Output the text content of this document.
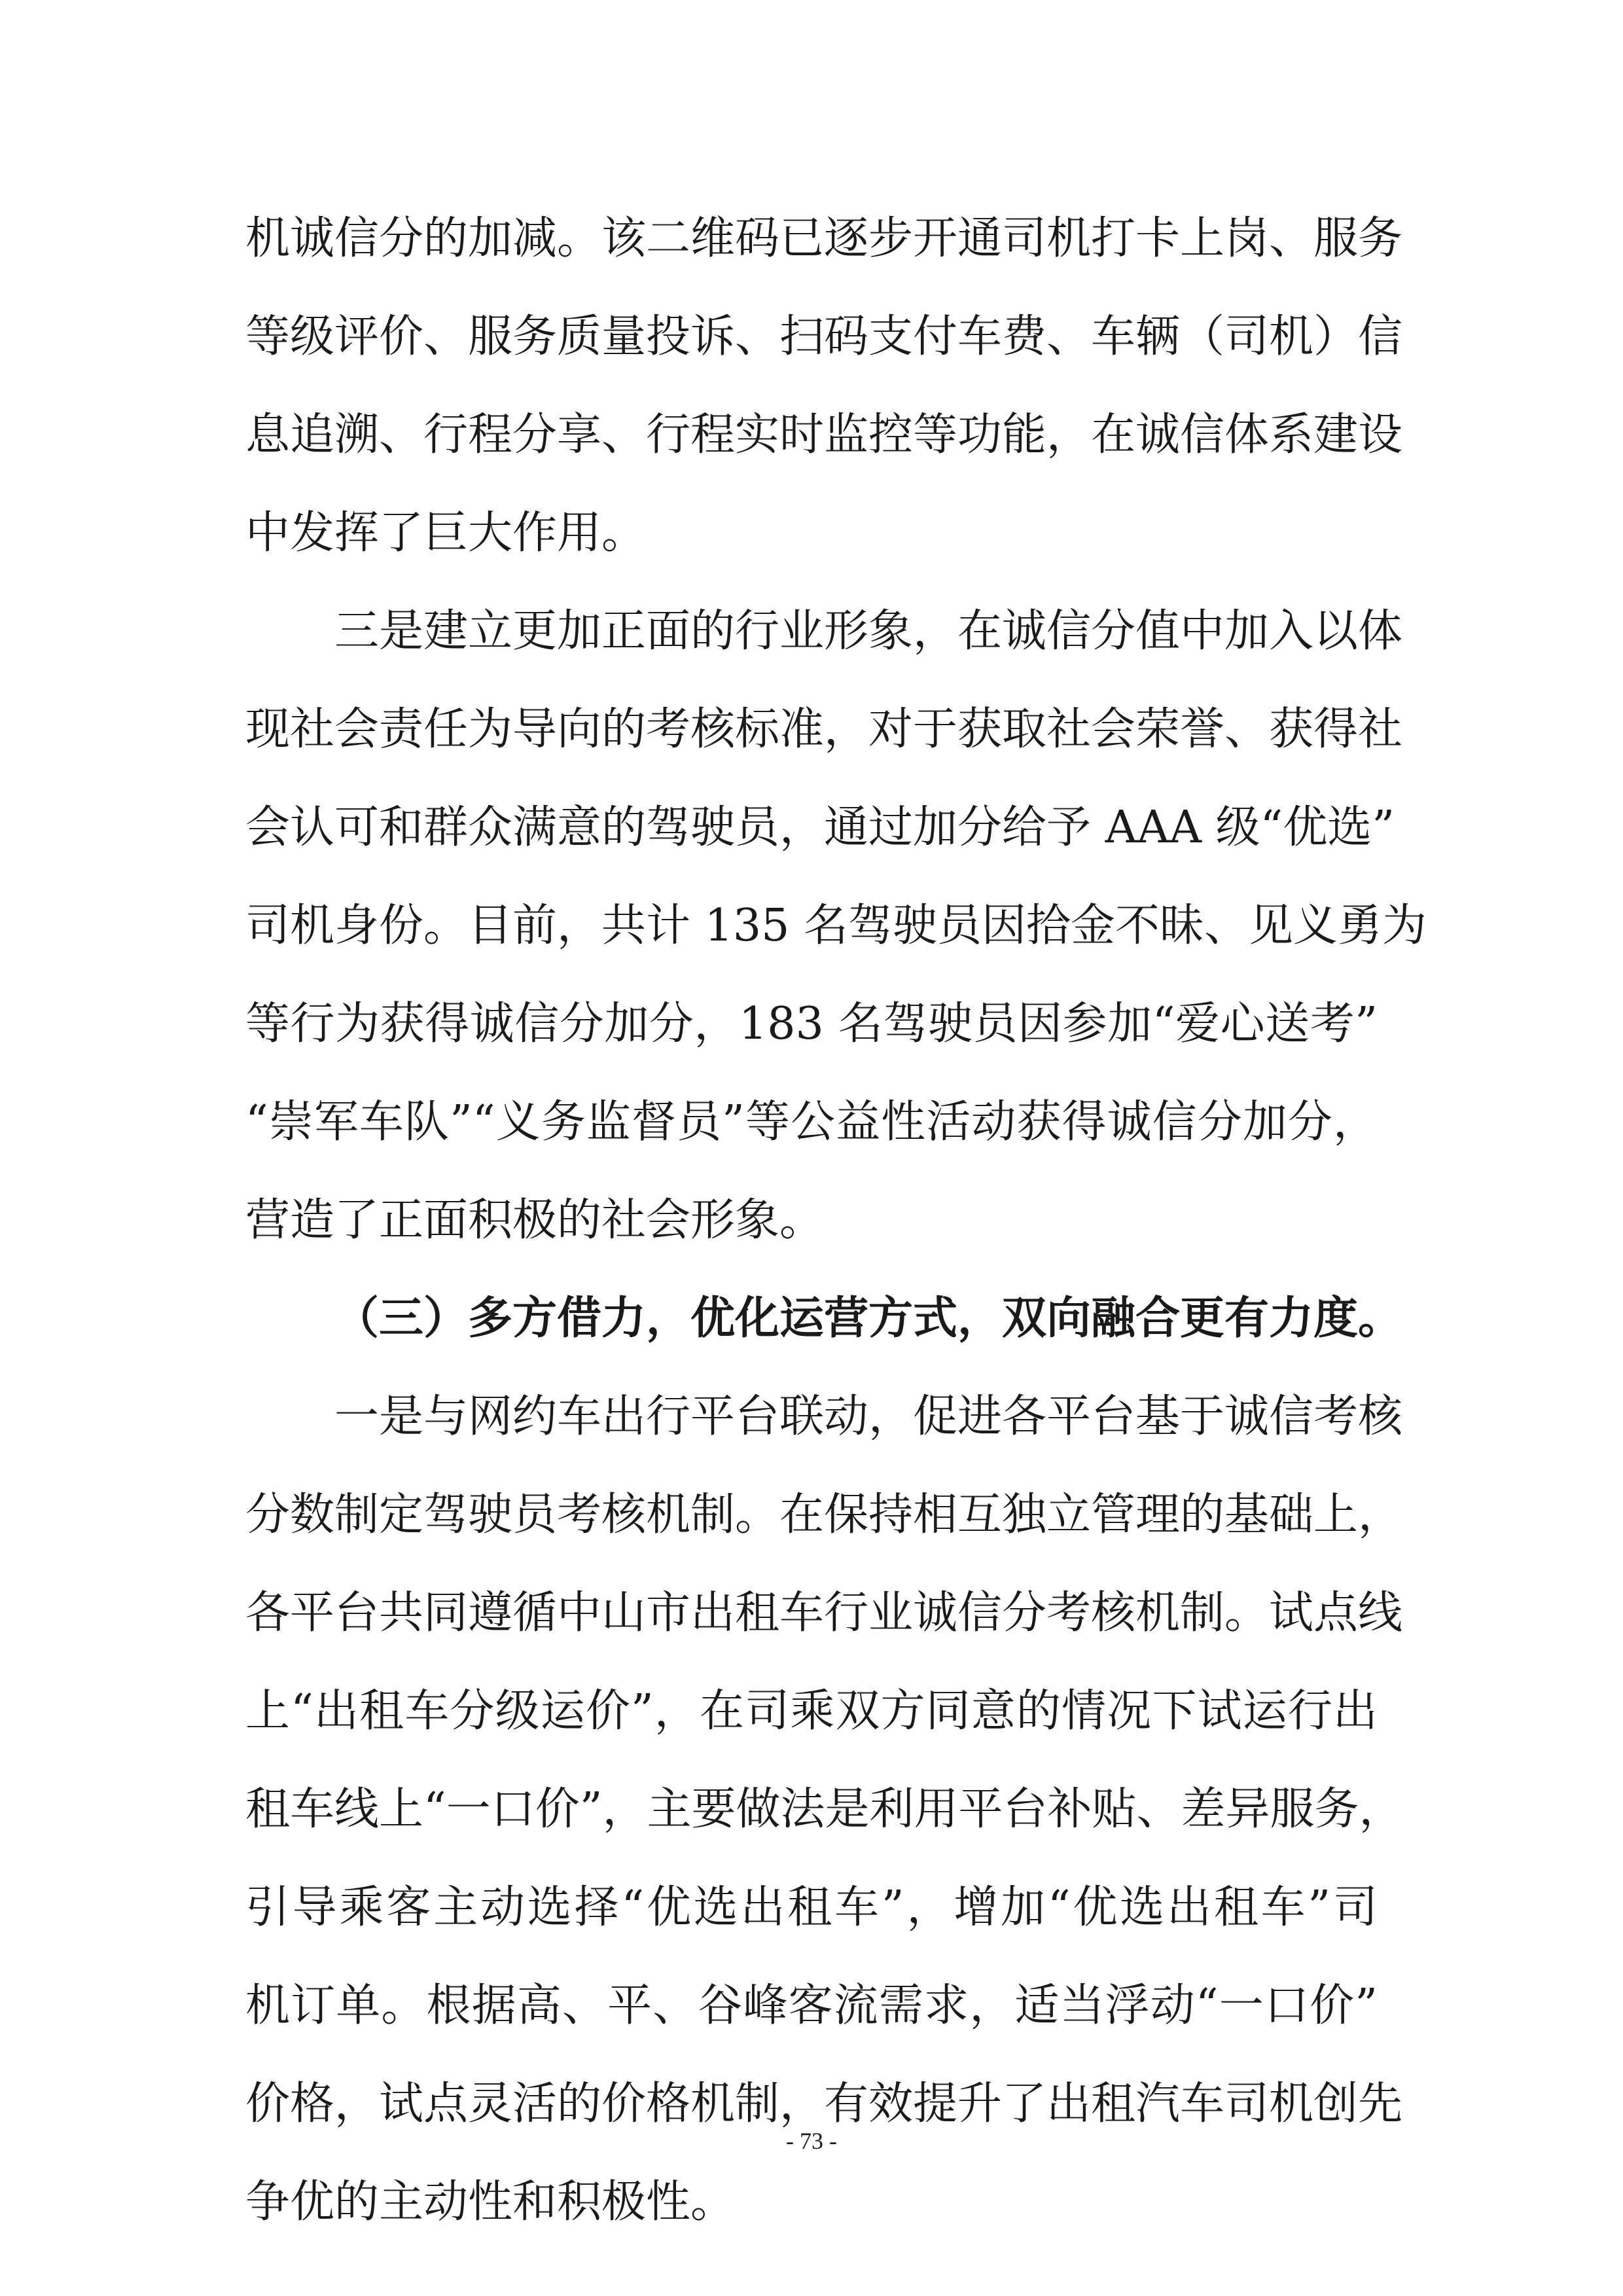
机诚信分的加减。该二维码已逐步开通司机打卡上岗、服务
等级评价、服务质量投诉、扫码支付车费、车辆（司机）信
息追溯、行程分享、行程实时监控等功能，在诚信体系建设
中发挥了巨大作用。
三是建立更加正面的行业形象，在诚信分值中加入以体
现社会责任为导向的考核标准，对于获取社会荣誉、获得社
会认可和群众满意的驾驶员，通过加分给予 AAA 级“优选”
司机身份。目前，共计 135 名驾驶员因拾金不昧、见义勇为
等行为获得诚信分加分，183 名驾驶员因参加“爱心送考”
“崇军车队”“义务监督员”等公益性活动获得诚信分加分，
营造了正面积极的社会形象。
（三）多方借力，优化运营方式，双向融合更有力度。
一是与网约车出行平台联动，促进各平台基于诚信考核
分数制定驾驶员考核机制。在保持相互独立管理的基础上，
各平台共同遵循中山市出租车行业诚信分考核机制。试点线
上“出租车分级运价”，在司乘双方同意的情况下试运行出
租车线上“一口价”，主要做法是利用平台补贴、差异服务，
引导乘客主动选择“优选出租车”，增加“优选出租车”司
机订单。根据高、平、谷峰客流需求，适当浮动“一口价”
价格，试点灵活的价格机制，有效提升了出租汽车司机创先
争优的主动性和积极性。
- 73 -
